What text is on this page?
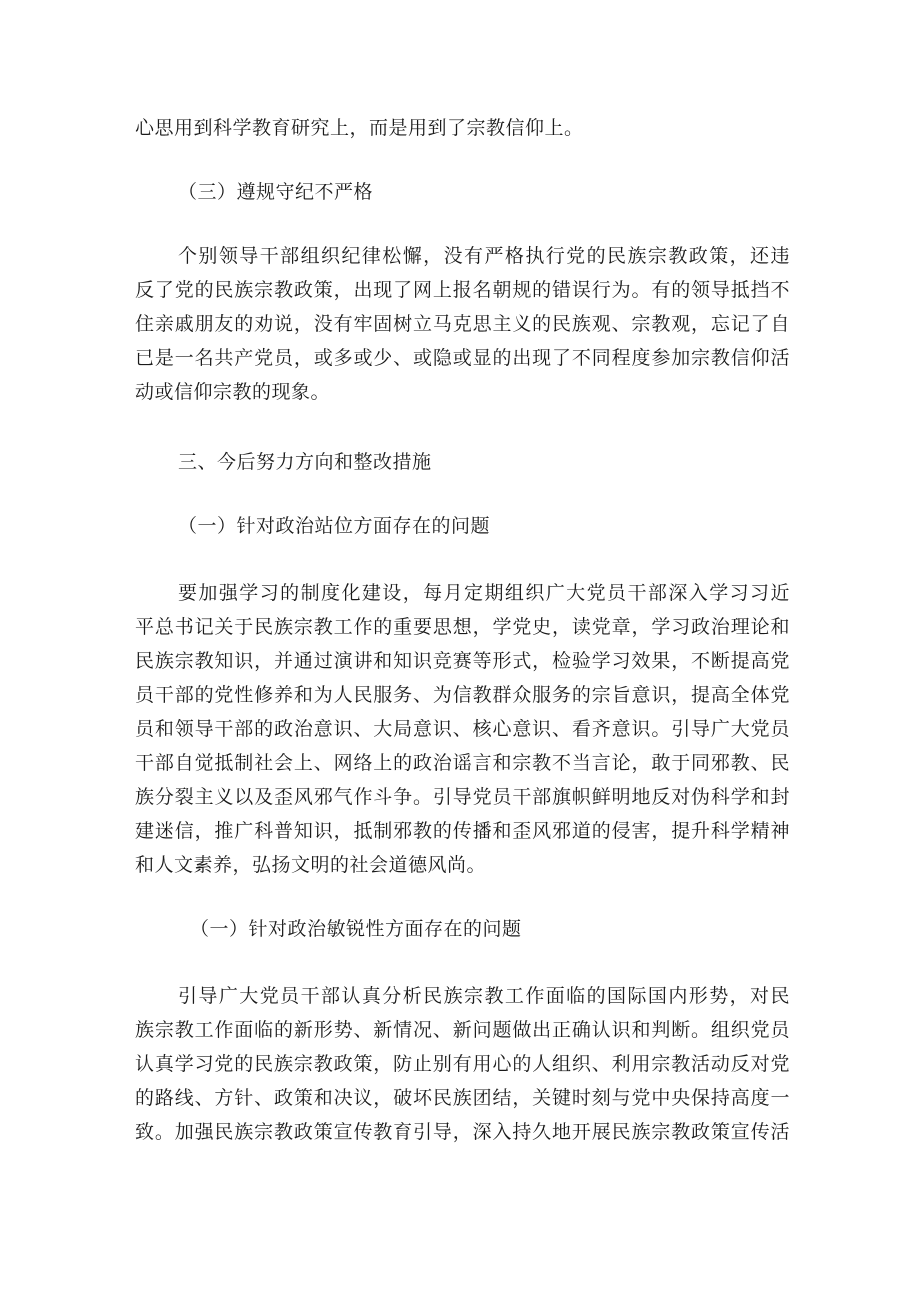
心思用到科学教育研究上，而是用到了宗教信仰上。
（三）遵规守纪不严格
个别领导干部组织纪律松懈，没有严格执行党的民族宗教政策，还违
反了党的民族宗教政策，出现了网上报名朝规的错误行为。有的领导抵挡不
住亲戚朋友的劝说，没有牢固树立马克思主义的民族观、宗教观，忘记了自
已是一名共产党员，或多或少、或隐或显的出现了不同程度参加宗教信仰活
动或信仰宗教的现象。
三、今后努力方向和整改措施
（一）针对政治站位方面存在的问题
要加强学习的制度化建设，每月定期组织广大党员干部深入学习习近
平总书记关于民族宗教工作的重要思想，学党史，读党章，学习政治理论和
民族宗教知识，并通过演讲和知识竞赛等形式，检验学习效果，不断提高党
员干部的党性修养和为人民服务、为信教群众服务的宗旨意识，提高全体党
员和领导干部的政治意识、大局意识、核心意识、看齐意识。引导广大党员
干部自觉抵制社会上、网络上的政治谣言和宗教不当言论，敢于同邪教、民
族分裂主义以及歪风邪气作斗争。引导党员干部旗帜鲜明地反对伪科学和封
建迷信，推广科普知识，抵制邪教的传播和歪风邪道的侵害，提升科学精神
和人文素养，弘扬文明的社会道德风尚。
（一）针对政治敏锐性方面存在的问题
引导广大党员干部认真分析民族宗教工作面临的国际国内形势，对民
族宗教工作面临的新形势、新情况、新问题做出正确认识和判断。组织党员
认真学习党的民族宗教政策，防止别有用心的人组织、利用宗教活动反对党
的路线、方针、政策和决议，破坏民族团结，关键时刻与党中央保持高度一
致。加强民族宗教政策宣传教育引导，深入持久地开展民族宗教政策宣传活
